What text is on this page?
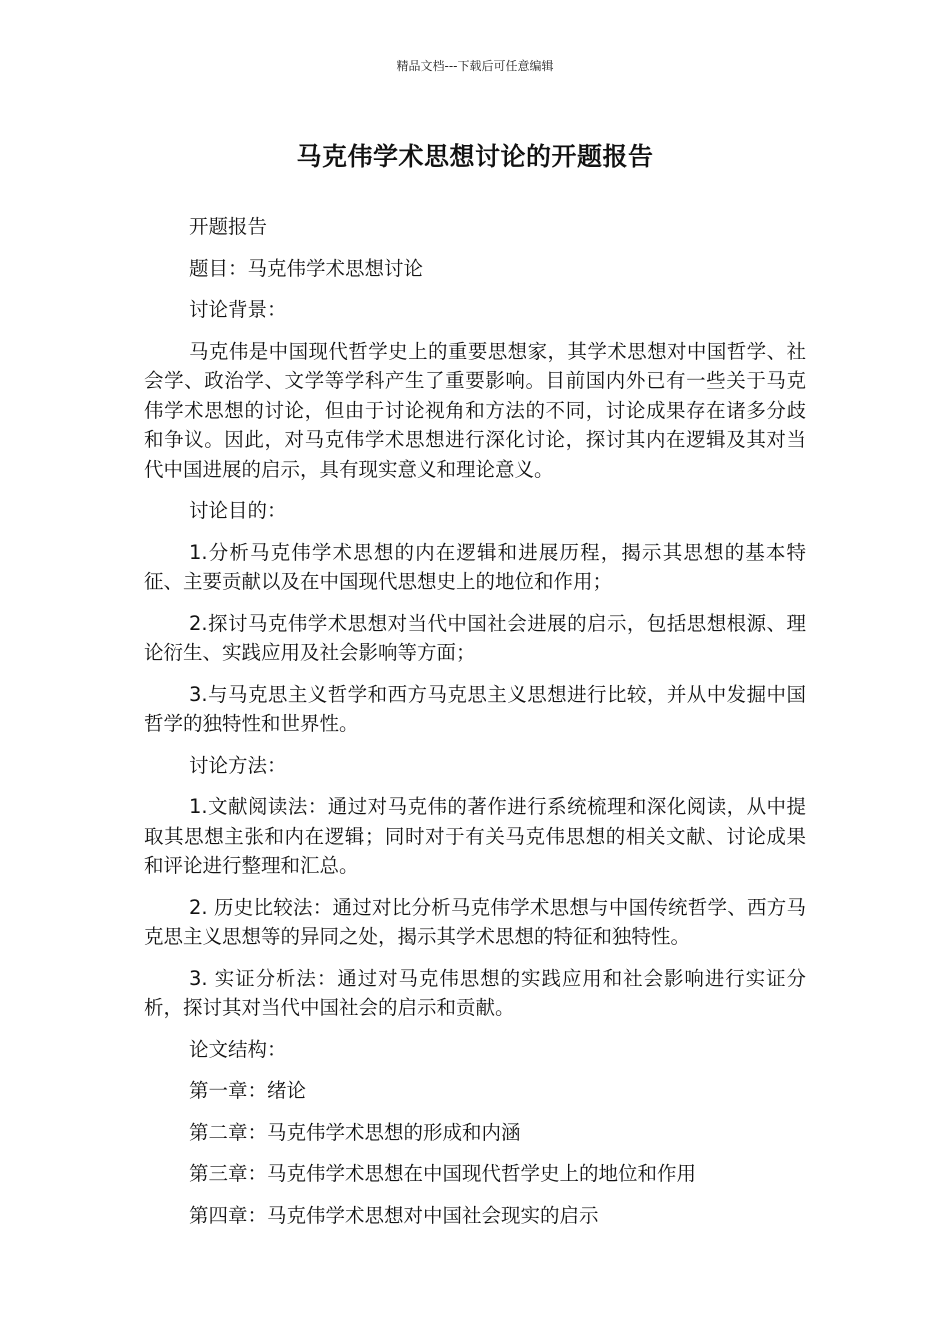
精品文档---下载后可任意编辑
马克伟学术思想讨论的开题报告

开题报告

题目：马克伟学术思想讨论

讨论背景：

马克伟是中国现代哲学史上的重要思想家，其学术思想对中国哲学、社会学、政治学、文学等学科产生了重要影响。目前国内外已有一些关于马克伟学术思想的讨论，但由于讨论视角和方法的不同，讨论成果存在诸多分歧和争议。因此，对马克伟学术思想进行深化讨论，探讨其内在逻辑及其对当代中国进展的启示，具有现实意义和理论意义。

讨论目的：

1.分析马克伟学术思想的内在逻辑和进展历程，揭示其思想的基本特征、主要贡献以及在中国现代思想史上的地位和作用；

2.探讨马克伟学术思想对当代中国社会进展的启示，包括思想根源、理论衍生、实践应用及社会影响等方面；

3.与马克思主义哲学和西方马克思主义思想进行比较，并从中发掘中国哲学的独特性和世界性。

讨论方法：

1.文献阅读法：通过对马克伟的著作进行系统梳理和深化阅读，从中提取其思想主张和内在逻辑；同时对于有关马克伟思想的相关文献、讨论成果和评论进行整理和汇总。

2. 历史比较法：通过对比分析马克伟学术思想与中国传统哲学、西方马克思主义思想等的异同之处，揭示其学术思想的特征和独特性。

3. 实证分析法：通过对马克伟思想的实践应用和社会影响进行实证分析，探讨其对当代中国社会的启示和贡献。

论文结构：

第一章：绪论

第二章：马克伟学术思想的形成和内涵

第三章：马克伟学术思想在中国现代哲学史上的地位和作用

第四章：马克伟学术思想对中国社会现实的启示
